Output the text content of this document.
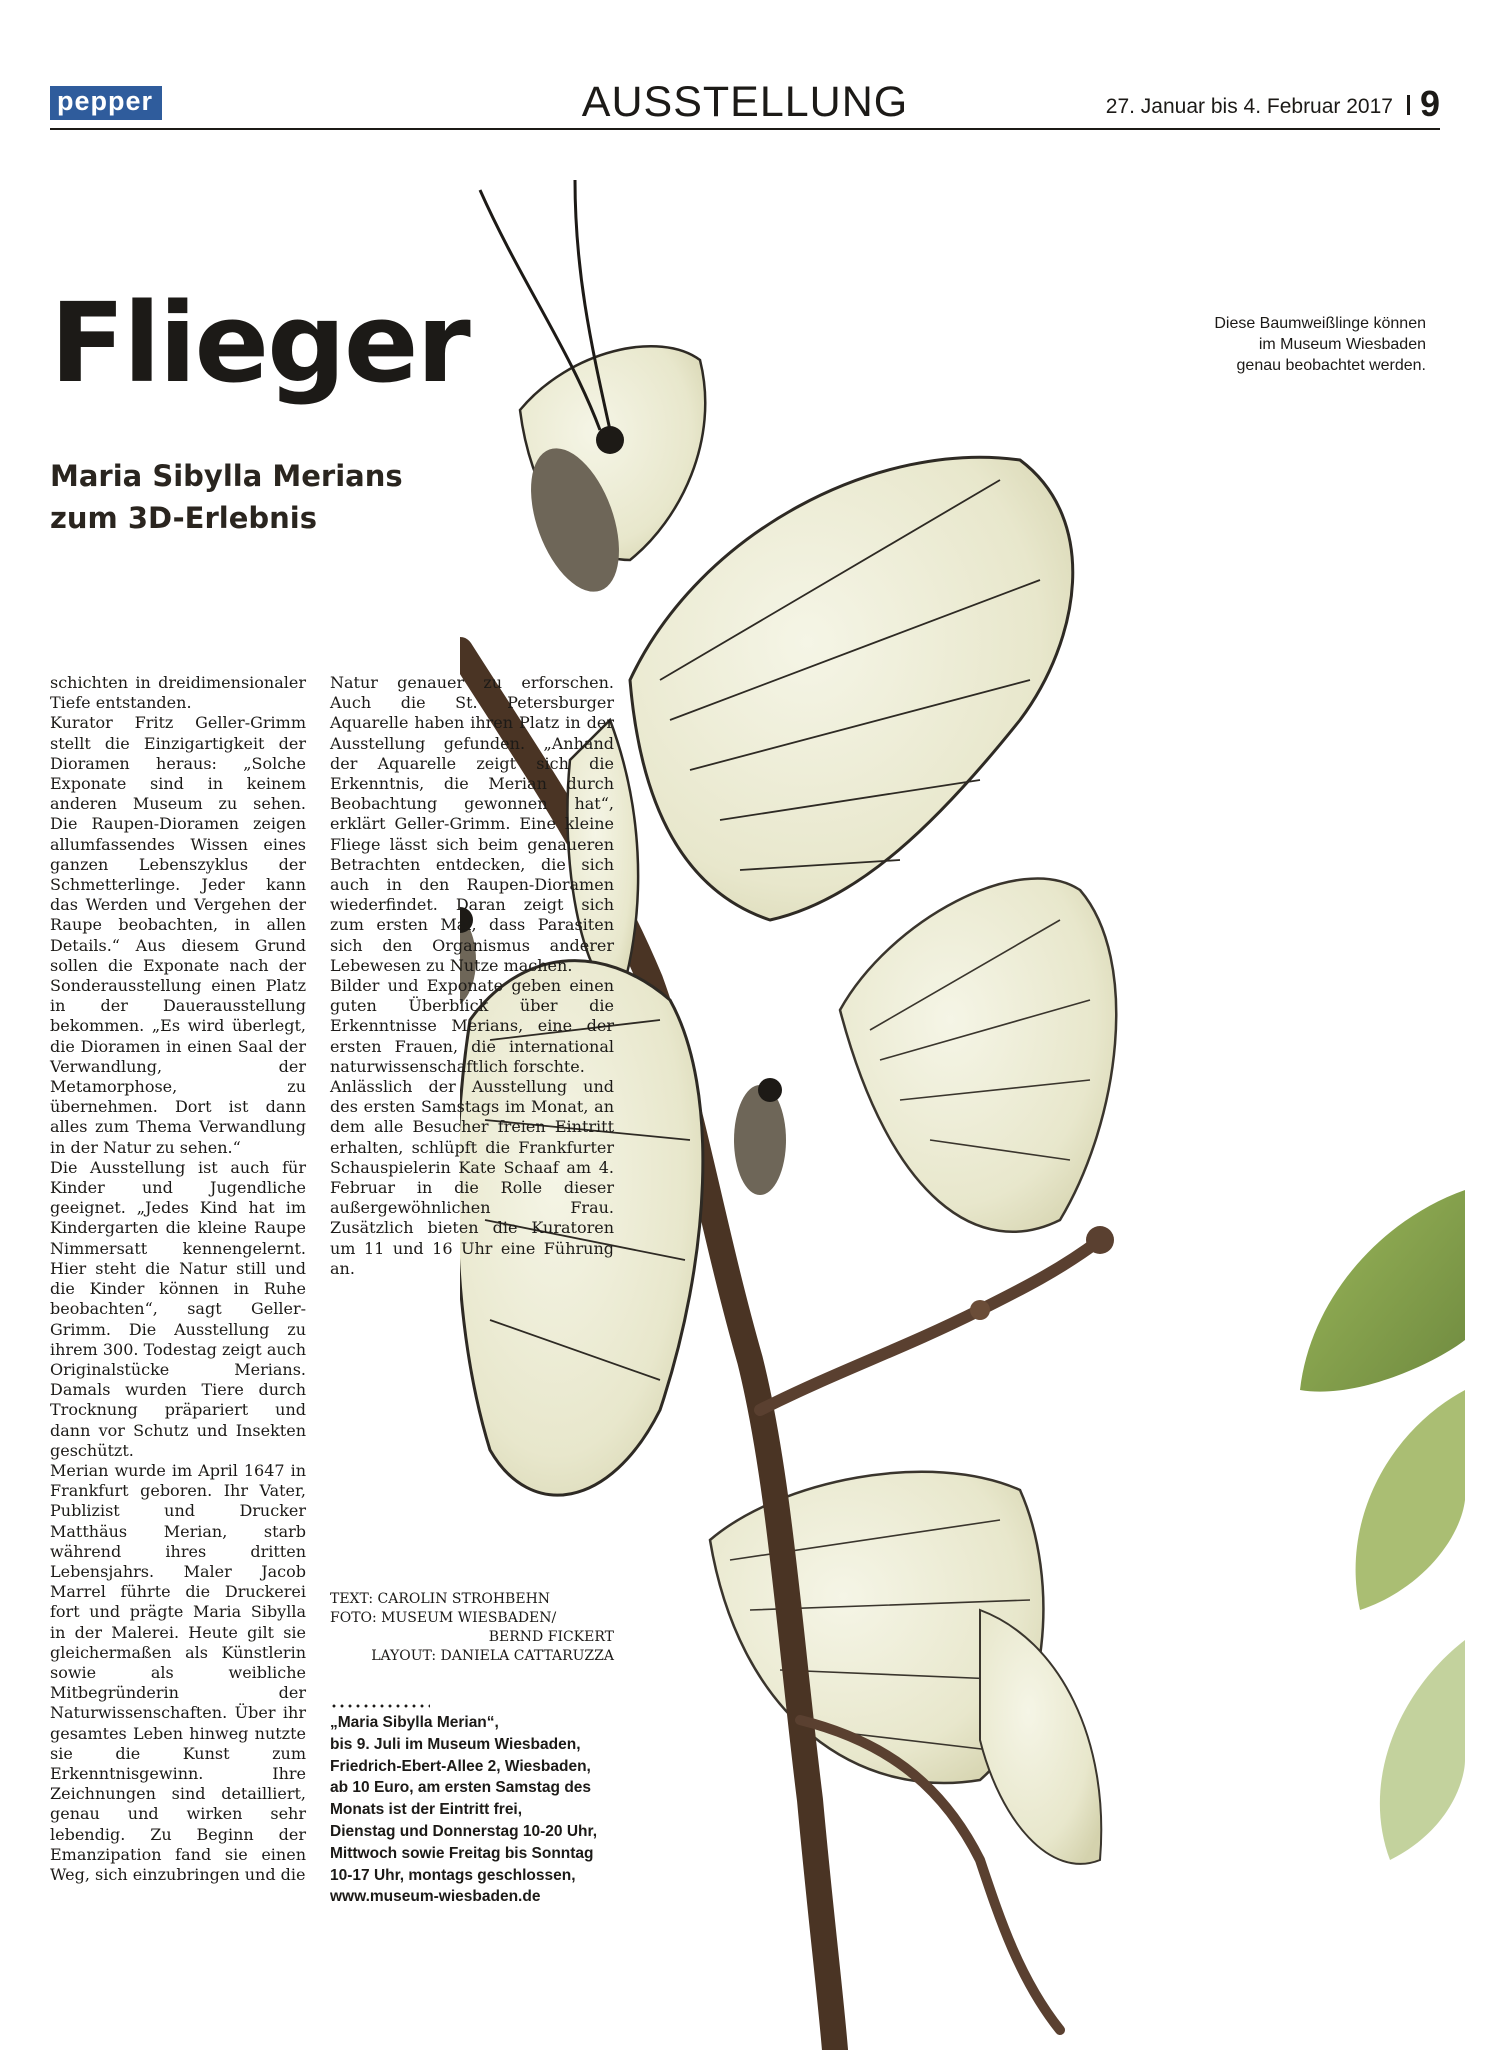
pepper	AUSSTELLUNG	27. Januar bis 4. Februar 2017 9
Flieger
Maria Sibylla Merians
zum 3D-Erlebnis

Diese Baumweißlinge können
im Museum Wiesbaden
genau beobachtet werden.

schichten in dreidimensionaler Tiefe entstanden.

Kurator Fritz Geller-Grimm stellt die Einzigartigkeit der Dioramen heraus: „Solche Exponate sind in keinem anderen Museum zu sehen. Die Raupen-Dioramen zeigen allumfassendes Wissen eines ganzen Lebenszyklus der Schmetterlinge. Jeder kann das Werden und Vergehen der Raupe beobachten, in allen Details.“ Aus diesem Grund sollen die Exponate nach der Sonderausstellung einen Platz in der Dauerausstellung bekommen. „Es wird überlegt, die Dioramen in einen Saal der Verwandlung, der Metamorphose, zu übernehmen. Dort ist dann alles zum Thema Verwandlung in der Natur zu sehen.“

Die Ausstellung ist auch für Kinder und Jugendliche geeignet. „Jedes Kind hat im Kindergarten die kleine Raupe Nimmersatt kennengelernt. Hier steht die Natur still und die Kinder können in Ruhe beobachten“, sagt Geller-Grimm. Die Ausstellung zu ihrem 300. Todestag zeigt auch Originalstücke Merians. Damals wurden Tiere durch Trocknung präpariert und dann vor Schutz und Insekten geschützt.

Merian wurde im April 1647 in Frankfurt geboren. Ihr Vater, Publizist und Drucker Matthäus Merian, starb während ihres dritten Lebensjahrs. Maler Jacob Marrel führte die Druckerei fort und prägte Maria Sibylla in der Malerei. Heute gilt sie gleichermaßen als Künstlerin sowie als weibliche Mitbegründerin der Naturwissenschaften. Über ihr gesamtes Leben hinweg nutzte sie die Kunst zum Erkenntnisgewinn. Ihre Zeichnungen sind detailliert, genau und wirken sehr lebendig. Zu Beginn der Emanzipation fand sie einen Weg, sich einzubringen und die

Natur genauer zu erforschen. Auch die St. Petersburger Aquarelle haben ihren Platz in der Ausstellung gefunden. „Anhand der Aquarelle zeigt sich die Erkenntnis, die Merian durch Beobachtung gewonnen hat“, erklärt Geller-Grimm. Eine kleine Fliege lässt sich beim genaueren Betrachten entdecken, die sich auch in den Raupen-Dioramen wiederfindet. Daran zeigt sich zum ersten Mal, dass Parasiten sich den Organismus anderer Lebewesen zu Nutze machen.

Bilder und Exponate geben einen guten Überblick über die Erkenntnisse Merians, eine der ersten Frauen, die international naturwissenschaftlich forschte.

Anlässlich der Ausstellung und des ersten Samstags im Monat, an dem alle Besucher freien Eintritt erhalten, schlüpft die Frankfurter Schauspielerin Kate Schaaf am 4. Februar in die Rolle dieser außergewöhnlichen Frau. Zusätzlich bieten die Kuratoren um 11 und 16 Uhr eine Führung an.

TEXT: CAROLIN STROHBEHN
FOTO: MUSEUM WIESBADEN/
BERND FICKERT
LAYOUT: DANIELA CATTARUZZA
„Maria Sibylla Merian“,
bis 9. Juli im Museum Wiesbaden,
Friedrich-Ebert-Allee 2, Wiesbaden,
ab 10 Euro, am ersten Samstag des
Monats ist der Eintritt frei,
Dienstag und Donnerstag 10-20 Uhr,
Mittwoch sowie Freitag bis Sonntag
10-17 Uhr, montags geschlossen,
www.museum-wiesbaden.de
